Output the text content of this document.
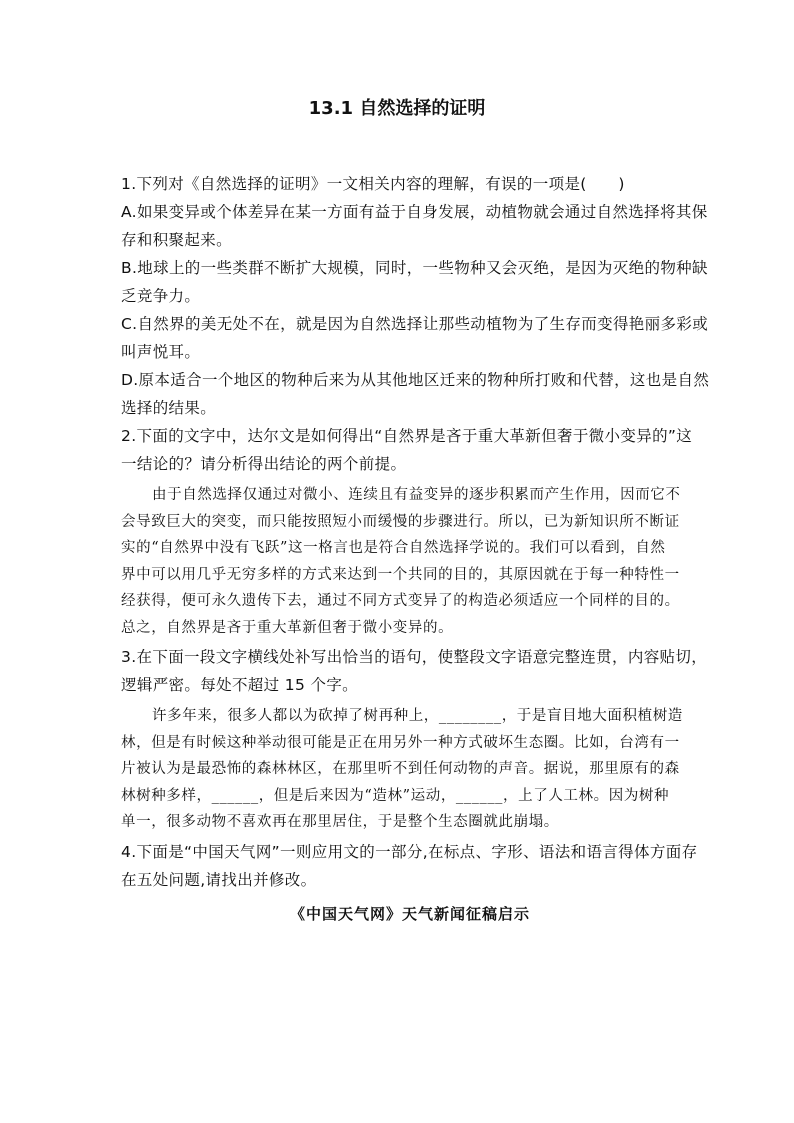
13.1 自然选择的证明
1.下列对《自然选择的证明》一文相关内容的理解，有误的一项是(　　)
A.如果变异或个体差异在某一方面有益于自身发展，动植物就会通过自然选择将其保
存和积聚起来。
B.地球上的一些类群不断扩大规模，同时，一些物种又会灭绝，是因为灭绝的物种缺
乏竞争力。
C.自然界的美无处不在，就是因为自然选择让那些动植物为了生存而变得艳丽多彩或
叫声悦耳。
D.原本适合一个地区的物种后来为从其他地区迁来的物种所打败和代替，这也是自然
选择的结果。
2.下面的文字中，达尔文是如何得出“自然界是吝于重大革新但奢于微小变异的”这
一结论的？请分析得出结论的两个前提。
由于自然选择仅通过对微小、连续且有益变异的逐步积累而产生作用，因而它不
会导致巨大的突变，而只能按照短小而缓慢的步骤进行。所以，已为新知识所不断证
实的“自然界中没有飞跃”这一格言也是符合自然选择学说的。我们可以看到，自然
界中可以用几乎无穷多样的方式来达到一个共同的目的，其原因就在于每一种特性一
经获得，便可永久遗传下去，通过不同方式变异了的构造必须适应一个同样的目的。
总之，自然界是吝于重大革新但奢于微小变异的。
3.在下面一段文字横线处补写出恰当的语句，使整段文字语意完整连贯，内容贴切，
逻辑严密。每处不超过 15 个字。
许多年来，很多人都以为砍掉了树再种上，________，于是盲目地大面积植树造
林，但是有时候这种举动很可能是正在用另外一种方式破坏生态圈。比如，台湾有一
片被认为是最恐怖的森林林区，在那里听不到任何动物的声音。据说，那里原有的森
林树种多样，______，但是后来因为“造林”运动，______，上了人工林。因为树种
单一，很多动物不喜欢再在那里居住，于是整个生态圈就此崩塌。
4.下面是“中国天气网”一则应用文的一部分,在标点、字形、语法和语言得体方面存
在五处问题,请找出并修改。
《中国天气网》天气新闻征稿启示
